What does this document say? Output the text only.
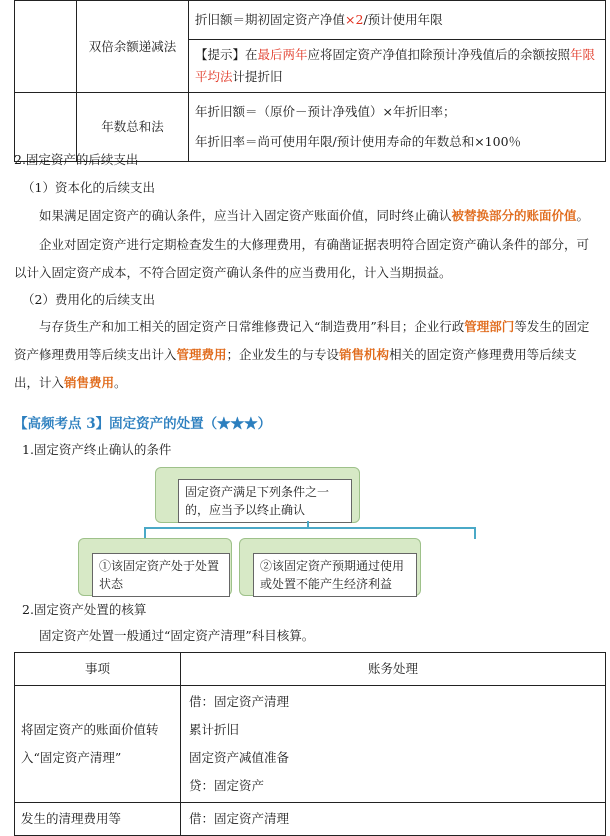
	双倍余额递减法	折旧额＝期初固定资产净值×2/预计使用年限
		【提示】在最后两年应将固定资产净值扣除预计净残值后的余额按照年限平均法计提折旧
	年数总和法	年折旧额＝（原价－预计净残值）×年折旧率；
年折旧率＝尚可使用年限/预计使用寿命的年数总和×100％
2.固定资产的后续支出
（1）资本化的后续支出
如果满足固定资产的确认条件，应当计入固定资产账面价值，同时终止确认被替换部分的账面价值。
企业对固定资产进行定期检查发生的大修理费用，有确凿证据表明符合固定资产确认条件的部分，可以计入固定资产成本，不符合固定资产确认条件的应当费用化，计入当期损益。
（2）费用化的后续支出
与存货生产和加工相关的固定资产日常维修费记入“制造费用”科目；企业行政管理部门等发生的固定资产修理费用等后续支出计入管理费用；企业发生的与专设销售机构相关的固定资产修理费用等后续支出，计入销售费用。
【高频考点 3】固定资产的处置（★★★）
1.固定资产终止确认的条件
固定资产满足下列条件之一的，应当予以终止确认
①该固定资产处于处置状态
②该固定资产预期通过使用或处置不能产生经济利益
2.固定资产处置的核算
固定资产处置一般通过“固定资产清理”科目核算。
事项	账务处理
将固定资产的账面价值转入“固定资产清理”	借：固定资产清理
累计折旧
固定资产减值准备
贷：固定资产

发生的清理费用等	借：固定资产清理
